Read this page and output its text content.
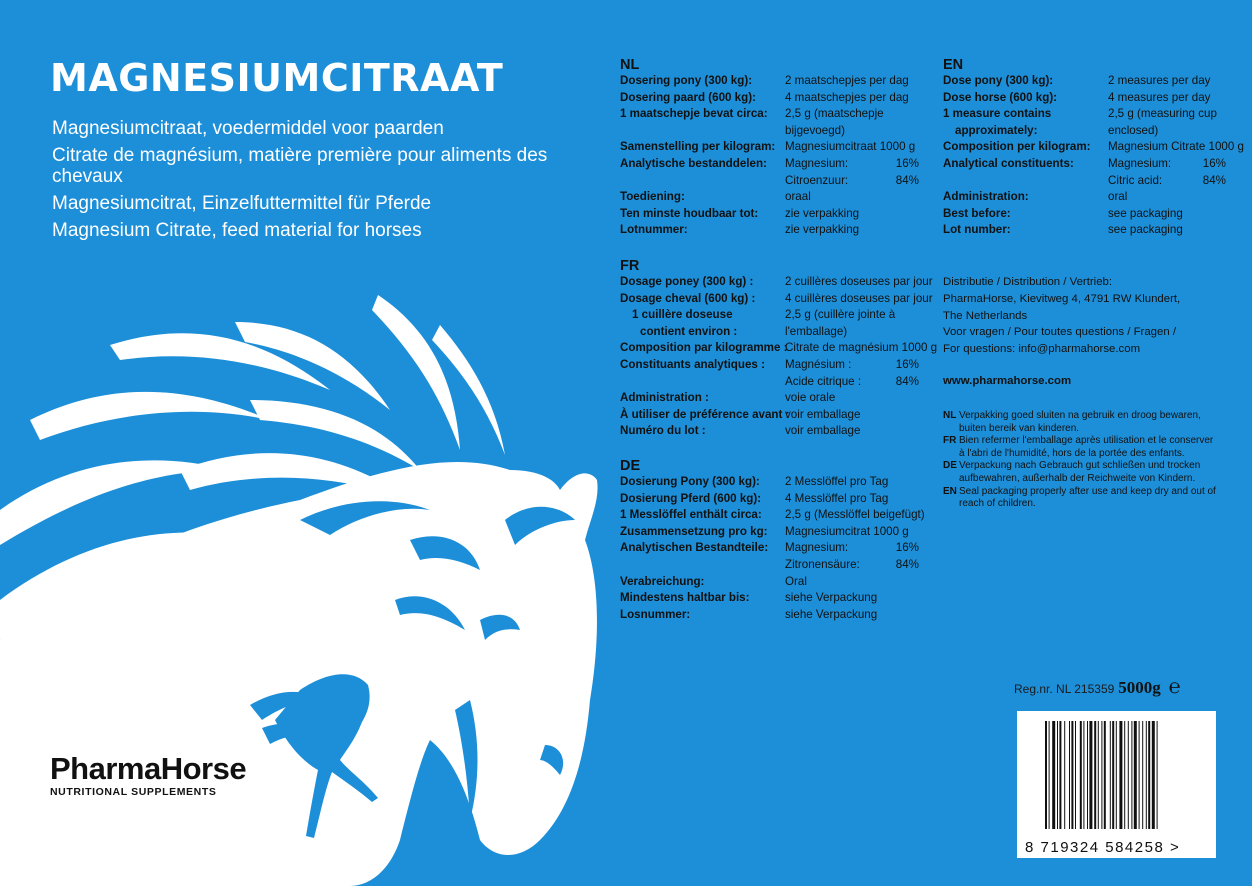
MAGNESIUMCITRAAT
Magnesiumcitraat, voedermiddel voor paarden
Citrate de magnésium, matière première pour aliments des chevaux
Magnesiumcitrat, Einzelfuttermittel für Pferde
Magnesium Citrate, feed material for horses
NL
Dosering pony (300 kg):	2 maatschepjes per dag
Dosering paard (600 kg):	4 maatschepjes per dag
1 maatschepje bevat circa:	2,5 g (maatschepje
bijgevoegd)
Samenstelling per kilogram: Magnesiumcitraat 1000 g
Analytische bestanddelen:	Magnesium:	16%
Citroenzuur:	84%
Toediening:	oraal
Ten minste houdbaar tot:	zie verpakking
Lotnummer:	zie verpakking
FR
Dosage poney (300 kg) :	2 cuillères doseuses par jour
Dosage cheval (600 kg) :	4 cuillères doseuses par jour
1 cuillère doseuse	2,5 g (cuillère jointe à
contient environ :	l'emballage)
Composition par kilogramme :
Citrate de magnésium 1000 g
Constituants analytiques :	Magnésium :	16%
Acide citrique :	84%
Administration :	voie orale
À utiliser de préférence avant :
voir emballage
Numéro du lot :	voir emballage
DE
Dosierung Pony (300 kg):	2 Messlöffel pro Tag
Dosierung Pferd (600 kg):	4 Messlöffel pro Tag
1 Messlöffel enthält circa:	2,5 g (Messlöffel beigefügt)
Zusammensetzung pro kg:	Magnesiumcitrat 1000 g
Analytischen Bestandteile:	Magnesium:	16%
Zitronensäure:	84%
Verabreichung:	Oral
Mindestens haltbar bis:	siehe Verpackung
Losnummer:	siehe Verpackung
EN
Dose pony (300 kg):	2 measures per day
Dose horse (600 kg):	4 measures per day
1 measure contains	2,5 g (measuring cup
approximately:	enclosed)
Composition per kilogram:	Magnesium Citrate 1000 g
Analytical constituents:	Magnesium:	16%
Citric acid:	84%
Administration:	oral
Best before:	see packaging
Lot number:	see packaging
Distributie / Distribution / Vertrieb:
PharmaHorse, Kievitweg 4, 4791 RW Klundert,
The Netherlands
Voor vragen / Pour toutes questions / Fragen /
For questions: info@pharmahorse.com
www.pharmahorse.com
NL Verpakking goed sluiten na gebruik en droog bewaren, buiten bereik van kinderen.
FR Bien refermer l'emballage après utilisation et le conserver à l'abri de l'humidité, hors de la portée des enfants.
DE Verpackung nach Gebrauch gut schließen und trocken aufbewahren, außerhalb der Reichweite von Kindern.
EN Seal packaging properly after use and keep dry and out of reach of children.
Reg.nr. NL 215359 5000g ℮
8 719324 584258 >
PharmaHorse
NUTRITIONAL SUPPLEMENTS
